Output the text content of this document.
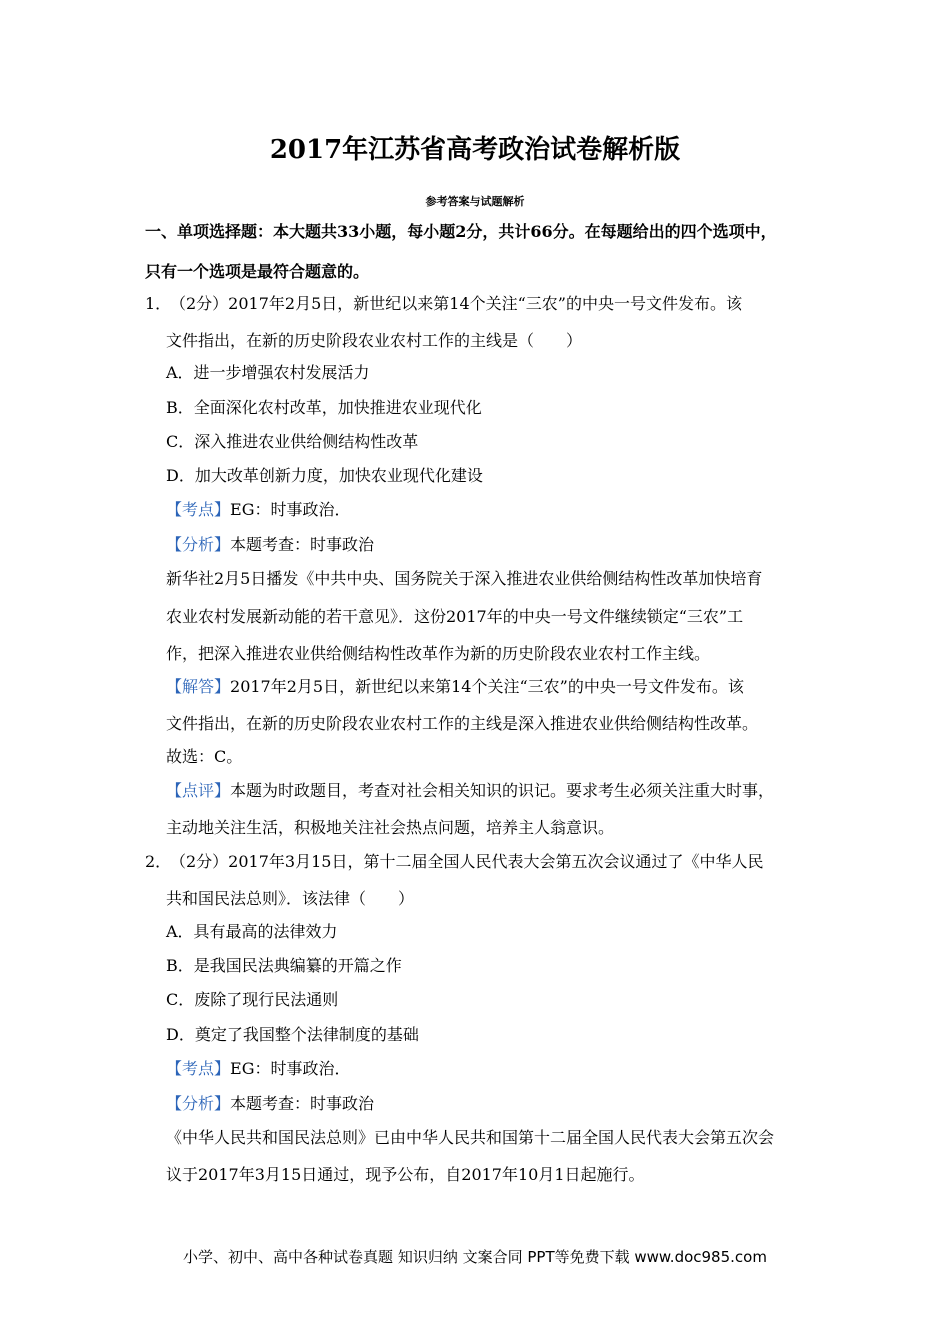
2017年江苏省高考政治试卷解析版
参考答案与试题解析
一、单项选择题：本大题共33小题，每小题2分，共计66分。在每题给出的四个选项中，
只有一个选项是最符合题意的。
1．
（2分）2017年2月5日，新世纪以来第14个关注“三农”的中央一号文件发布。该
文件指出，在新的历史阶段农业农村工作的主线是（　　）
A．进一步增强农村发展活力
B．全面深化农村改革，加快推进农业现代化
C．深入推进农业供给侧结构性改革
D．加大改革创新力度，加快农业现代化建设
【考点】EG：时事政治．
【分析】本题考查：时事政治
新华社2月5日播发《中共中央、国务院关于深入推进农业供给侧结构性改革加快培育
农业农村发展新动能的若干意见》．这份2017年的中央一号文件继续锁定“三农”工
作，把深入推进农业供给侧结构性改革作为新的历史阶段农业农村工作主线。
【解答】2017年2月5日，新世纪以来第14个关注“三农”的中央一号文件发布。该
文件指出，在新的历史阶段农业农村工作的主线是深入推进农业供给侧结构性改革。
故选：C。
【点评】本题为时政题目，考查对社会相关知识的识记。要求考生必须关注重大时事，
主动地关注生活，积极地关注社会热点问题，培养主人翁意识。
2．
（2分）2017年3月15日，第十二届全国人民代表大会第五次会议通过了《中华人民
共和国民法总则》．该法律（　　）
A．具有最高的法律效力
B．是我国民法典编纂的开篇之作
C．废除了现行民法通则
D．奠定了我国整个法律制度的基础
【考点】EG：时事政治．
【分析】本题考查：时事政治
《中华人民共和国民法总则》已由中华人民共和国第十二届全国人民代表大会第五次会
议于2017年3月15日通过，现予公布，自2017年10月1日起施行。
小学、初中、高中各种试卷真题 知识归纳 文案合同 PPT等免费下载 www.doc985.com
